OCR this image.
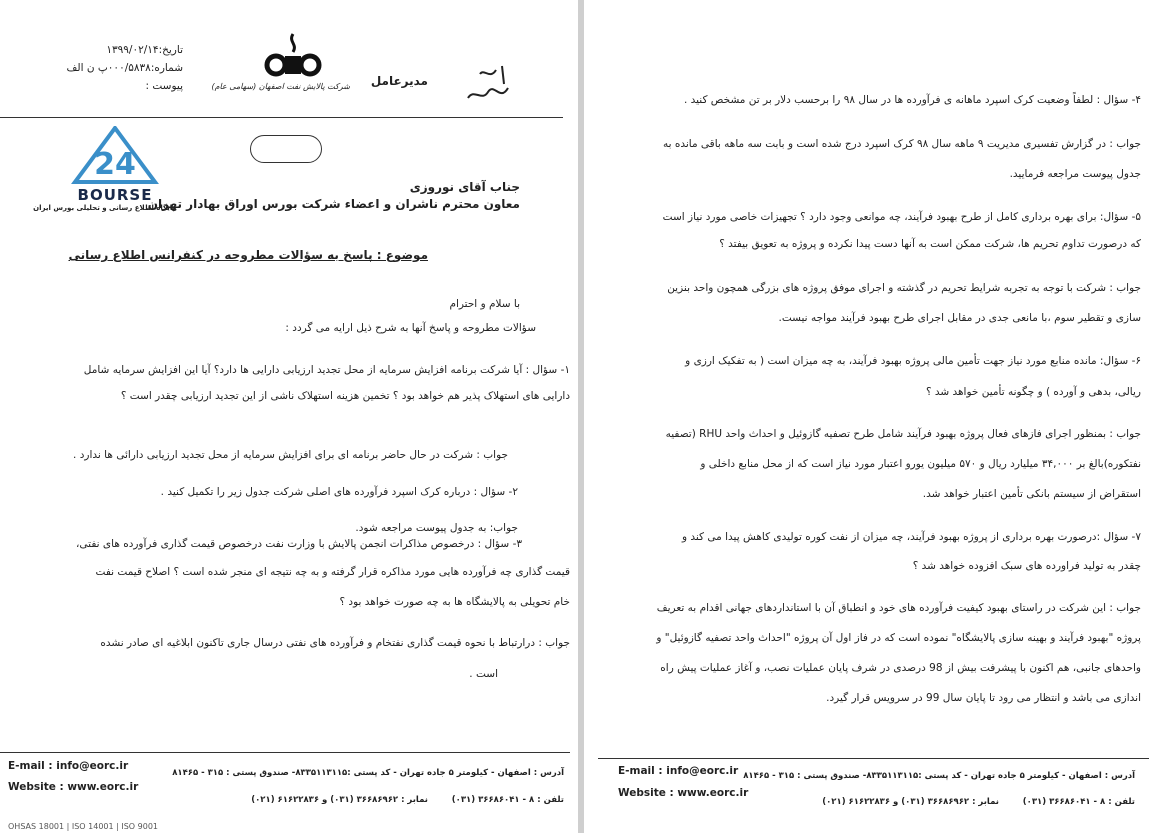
تاریخ:۱۳۹۹/۰۲/۱۴
شماره:۰۰۰/۵۸۳۸پ ن الف
پیوست :	شرکت پالایش نفت اصفهان (سهامی عام) مدیرعامل
24
BOURSE
پایگاه اطلاع رسانی و تحلیلی بورس ایران
جناب آقای نوروزی
معاون محترم ناشران و اعضاء شرکت بورس اوراق بهادار تهران
موضوع : پاسخ به سؤالات مطروحه در کنفرانس اطلاع رسانی
با سلام و احترام
سؤالات مطروحه و پاسخ آنها به شرح ذیل ارایه می گردد :
۱- سؤال : آیا شرکت برنامه افزایش سرمایه از محل تجدید ارزیابی دارایی ها دارد؟ آیا این افزایش سرمایه شامل
دارایی های استهلاک پذیر هم خواهد بود ؟ تخمین هزینه استهلاک ناشی از این تجدید ارزیابی چقدر است ؟
جواب : شرکت در حال حاضر برنامه ای برای افزایش سرمایه از محل تجدید ارزیابی دارائی ها ندارد .
۲- سؤال : درباره کرک اسپرد فرآورده های اصلی شرکت جدول زیر را تکمیل کنید .
جواب: به جدول پیوست مراجعه شود.
۳- سؤال : درخصوص مذاکرات انجمن پالایش با وزارت نفت درخصوص قیمت گذاری فرآورده های نفتی،
قیمت گذاری چه فرآورده هایی مورد مذاکره قرار گرفته و به چه نتیجه ای منجر شده است ؟ اصلاح قیمت نفت
خام تحویلی به پالایشگاه ها به چه صورت خواهد بود ؟
جواب : درارتباط با نحوه قیمت گذاری نفتخام و فرآورده های نفتی درسال جاری تاکنون ابلاغیه ای صادر نشده
است .
E-mail : info@eorc.ir
Website : www.eorc.ir
آدرس : اصفهان - کیلومتر ۵ جاده تهران - کد پستی :۸۳۳۵۱۱۳۱۱۵- صندوق پستی : ۳۱۵ - ۸۱۴۶۵
تلفن : ۸ - ۳۶۶۸۶۰۴۱ (۰۳۱)
نمابر : ۳۶۶۸۶۹۶۲ (۰۳۱) و ۶۱۶۲۲۸۳۶ (۰۲۱)
OHSAS 18001 | ISO 14001 | ISO 9001
۴- سؤال : لطفاً وضعیت کرک اسپرد ماهانه ی فرآورده ها در سال ۹۸ را برحسب دلار بر تن مشخص کنید .
جواب : در گزارش تفسیری مدیریت ۹ ماهه سال ۹۸ کرک اسپرد درج شده است و بابت سه ماهه باقی مانده به
جدول پیوست مراجعه فرمایید.
۵- سؤال: برای بهره برداری کامل از طرح بهبود فرآیند، چه موانعی وجود دارد ؟ تجهیزات خاصی مورد نیاز است
که درصورت تداوم تحریم ها، شرکت ممکن است به آنها دست پیدا نکرده و پروژه به تعویق بیفتد ؟
جواب : شرکت با توجه به تجربه شرایط تحریم در گذشته و اجرای موفق پروژه های بزرگی همچون واحد بنزین
سازی و تقطیر سوم ،با مانعی جدی در مقابل اجرای طرح بهبود فرآیند مواجه نیست.
۶- سؤال: مانده منابع مورد نیاز جهت تأمین مالی پروژه بهبود فرآیند، به چه میزان است ( به تفکیک ارزی و
ریالی، بدهی و آورده ) و چگونه تأمین خواهد شد ؟
جواب : بمنظور اجرای فازهای فعال پروژه بهبود فرآیند شامل طرح تصفیه گازوئیل و احداث واحد RHU (تصفیه
نفتکوره)بالغ بر ۳۴,۰۰۰ میلیارد ریال و ۵۷۰ میلیون یورو اعتبار مورد نیاز است که از محل منابع داخلی و
استقراض از سیستم بانکی تأمین اعتبار خواهد شد.
۷- سؤال :درصورت بهره برداری از پروژه بهبود فرآیند، چه میزان از نفت کوره تولیدی کاهش پیدا می کند و
چقدر به تولید فراورده های سبک افزوده خواهد شد ؟
جواب : این شرکت در راستای بهبود کیفیت فرآورده های خود و انطباق آن با استانداردهای جهانی اقدام به تعریف
پروژه "بهبود فرآیند و بهینه سازی پالایشگاه" نموده است که در فاز اول آن پروژه "احداث واحد تصفیه گازوئیل" و
واحدهای جانبی، هم اکنون با پیشرفت بیش از 98 درصدی در شرف پایان عملیات نصب، و آغاز عملیات پیش راه
اندازی می باشد و انتظار می رود تا پایان سال 99 در سرویس قرار گیرد.
E-mail : info@eorc.ir
Website : www.eorc.ir
آدرس : اصفهان - کیلومتر ۵ جاده تهران - کد پستی :۸۳۳۵۱۱۳۱۱۵- صندوق پستی : ۳۱۵ - ۸۱۴۶۵
تلفن : ۸ - ۳۶۶۸۶۰۴۱ (۰۳۱)
نمابر : ۳۶۶۸۶۹۶۲ (۰۳۱) و ۶۱۶۲۲۸۳۶ (۰۲۱)
